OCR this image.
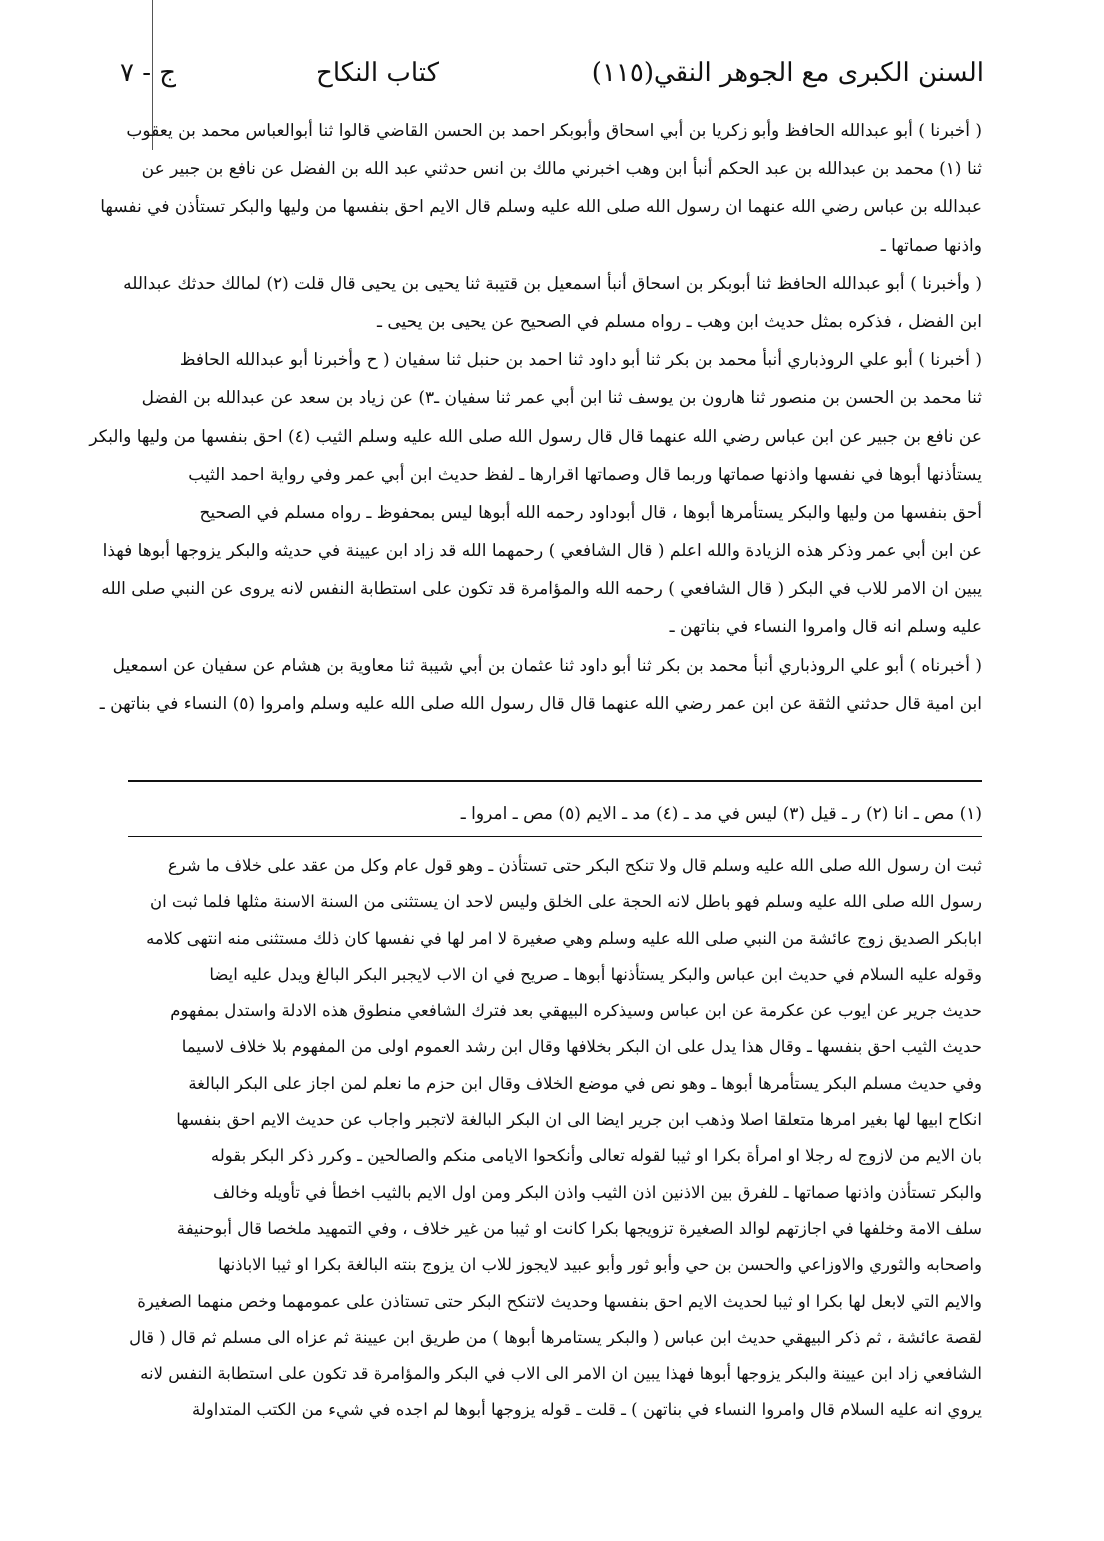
السنن الكبرى مع الجوهر النقي
(١١٥)
كتاب النكاح
ج - ٧
( أخبرنا ) أبو عبدالله الحافظ وأبو زكريا بن أبي اسحاق وأبوبكر احمد بن الحسن القاضي قالوا ثنا أبوالعباس محمد بن يعقوب
ثنا (١) محمد بن عبدالله بن عبد الحكم أنبأ ابن وهب اخبرني مالك بن انس حدثني عبد الله بن الفضل عن نافع بن جبير عن
عبدالله بن عباس رضي الله عنهما ان رسول الله صلى الله عليه وسلم قال الايم احق بنفسها من وليها والبكر تستأذن في نفسها
واذنها صماتها ـ
( وأخبرنا ) أبو عبدالله الحافظ ثنا أبوبكر بن اسحاق أنبأ اسمعيل بن قتيبة ثنا يحيى بن يحيى قال قلت (٢) لمالك حدثك عبدالله
ابن الفضل ، فذكره بمثل حديث ابن وهب ـ رواه مسلم في الصحيح عن يحيى بن يحيى ـ
( أخبرنا ) أبو علي الروذباري أنبأ محمد بن بكر ثنا أبو داود ثنا احمد بن حنبل ثنا سفيان ( ح وأخبرنا أبو عبدالله الحافظ
ثنا محمد بن الحسن بن منصور ثنا هارون بن يوسف ثنا ابن أبي عمر ثنا سفيان ـ٣) عن زياد بن سعد عن عبدالله بن الفضل
عن نافع بن جبير عن ابن عباس رضي الله عنهما قال قال رسول الله صلى الله عليه وسلم الثيب (٤) احق بنفسها من وليها والبكر
يستأذنها أبوها في نفسها واذنها صماتها وربما قال وصماتها اقرارها ـ لفظ حديث ابن أبي عمر وفي رواية احمد الثيب
أحق بنفسها من وليها والبكر يستأمرها أبوها ، قال أبوداود رحمه الله أبوها ليس بمحفوظ ـ رواه مسلم في الصحيح
عن ابن أبي عمر وذكر هذه الزيادة والله اعلم ( قال الشافعي ) رحمهما الله قد زاد ابن عيينة في حديثه والبكر يزوجها أبوها فهذا
يبين ان الامر للاب في البكر ( قال الشافعي ) رحمه الله والمؤامرة قد تكون على استطابة النفس لانه يروى عن النبي صلى الله
عليه وسلم انه قال وامروا النساء في بناتهن ـ
( أخبرناه ) أبو علي الروذباري أنبأ محمد بن بكر ثنا أبو داود ثنا عثمان بن أبي شيبة ثنا معاوية بن هشام عن سفيان عن اسمعيل
ابن امية قال حدثني الثقة عن ابن عمر رضي الله عنهما قال قال رسول الله صلى الله عليه وسلم وامروا (٥) النساء في بناتهن ـ
(١) مص ـ انا (٢) ر ـ قيل (٣) ليس في مد ـ (٤) مد ـ الايم (٥) مص ـ امروا ـ
ثبت ان رسول الله صلى الله عليه وسلم قال ولا تنكح البكر حتى تستأذن ـ وهو قول عام وكل من عقد على خلاف ما شرع
رسول الله صلى الله عليه وسلم فهو باطل لانه الحجة على الخلق وليس لاحد ان يستثنى من السنة الاسنة مثلها فلما ثبت ان
ابابكر الصديق زوج عائشة من النبي صلى الله عليه وسلم وهي صغيرة لا امر لها في نفسها كان ذلك مستثنى منه انتهى كلامه
وقوله عليه السلام في حديث ابن عباس والبكر يستأذنها أبوها ـ صريح في ان الاب لايجبر البكر البالغ ويدل عليه ايضا
حديث جرير عن ايوب عن عكرمة عن ابن عباس وسيذكره البيهقي بعد فترك الشافعي منطوق هذه الادلة واستدل بمفهوم
حديث الثيب احق بنفسها ـ وقال هذا يدل على ان البكر بخلافها وقال ابن رشد العموم اولى من المفهوم بلا خلاف لاسيما
وفي حديث مسلم البكر يستأمرها أبوها ـ وهو نص في موضع الخلاف وقال ابن حزم ما نعلم لمن اجاز على البكر البالغة
انكاح ابيها لها بغير امرها متعلقا اصلا وذهب ابن جرير ايضا الى ان البكر البالغة لاتجبر واجاب عن حديث الايم احق بنفسها
بان الايم من لازوج له رجلا او امرأة بكرا او ثيبا لقوله تعالى وأنكحوا الايامى منكم والصالحين ـ وكرر ذكر البكر بقوله
والبكر تستأذن واذنها صماتها ـ للفرق بين الاذنين اذن الثيب واذن البكر ومن اول الايم بالثيب اخطأ في تأويله وخالف
سلف الامة وخلفها في اجازتهم لوالد الصغيرة تزويجها بكرا كانت او ثيبا من غير خلاف ، وفي التمهيد ملخصا قال أبوحنيفة
واصحابه والثوري والاوزاعي والحسن بن حي وأبو ثور وأبو عبيد لايجوز للاب ان يزوج بنته البالغة بكرا او ثيبا الاباذنها
والايم التي لابعل لها بكرا او ثيبا لحديث الايم احق بنفسها وحديث لاتنكح البكر حتى تستاذن على عمومهما وخص منهما الصغيرة
لقصة عائشة ، ثم ذكر البيهقي حديث ابن عباس ( والبكر يستامرها أبوها ) من طريق ابن عيينة ثم عزاه الى مسلم ثم قال ( قال
الشافعي زاد ابن عيينة والبكر يزوجها أبوها فهذا يبين ان الامر الى الاب في البكر والمؤامرة قد تكون على استطابة النفس لانه
يروي انه عليه السلام قال وامروا النساء في بناتهن ) ـ قلت ـ قوله يزوجها أبوها لم اجده في شيء من الكتب المتداولة
